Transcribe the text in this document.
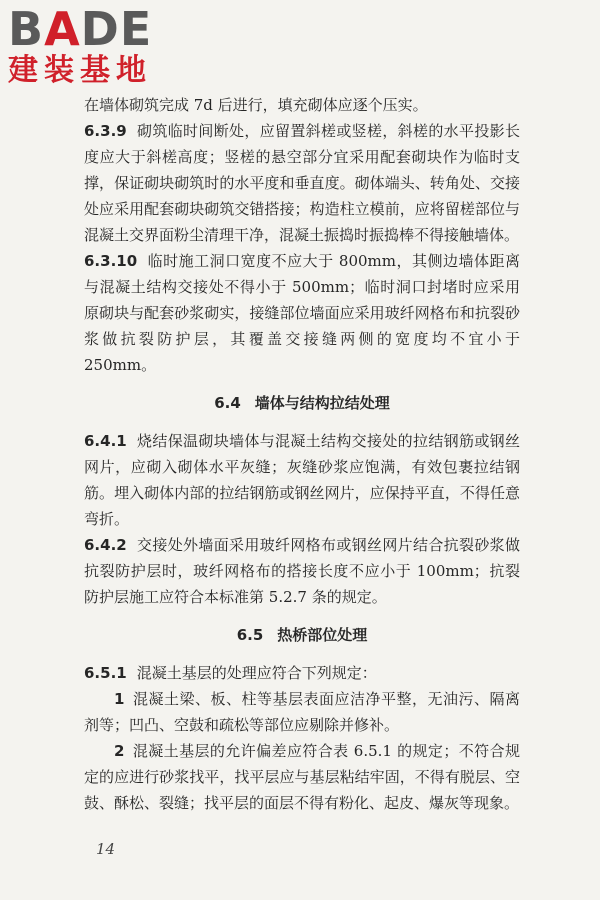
BADE
建装基地

在墙体砌筑完成 7d 后进行，填充砌体应逐个压实。

6.3.9 砌筑临时间断处，应留置斜槎或竖槎，斜槎的水平投影长度应大于斜槎高度；竖槎的悬空部分宜采用配套砌块作为临时支撑，保证砌块砌筑时的水平度和垂直度。砌体端头、转角处、交接处应采用配套砌块砌筑交错搭接；构造柱立模前，应将留槎部位与混凝土交界面粉尘清理干净，混凝土振捣时振捣棒不得接触墙体。

6.3.10 临时施工洞口宽度不应大于 800mm，其侧边墙体距离与混凝土结构交接处不得小于 500mm；临时洞口封堵时应采用原砌块与配套砂浆砌实，接缝部位墙面应采用玻纤网格布和抗裂砂浆做抗裂防护层，其覆盖交接缝两侧的宽度均不宜小于 250mm。

6.4 墙体与结构拉结处理

6.4.1 烧结保温砌块墙体与混凝土结构交接处的拉结钢筋或钢丝网片，应砌入砌体水平灰缝；灰缝砂浆应饱满，有效包裹拉结钢筋。埋入砌体内部的拉结钢筋或钢丝网片，应保持平直，不得任意弯折。

6.4.2 交接处外墙面采用玻纤网格布或钢丝网片结合抗裂砂浆做抗裂防护层时，玻纤网格布的搭接长度不应小于 100mm；抗裂防护层施工应符合本标准第 5.2.7 条的规定。

6.5 热桥部位处理

6.5.1 混凝土基层的处理应符合下列规定：

1 混凝土梁、板、柱等基层表面应洁净平整，无油污、隔离剂等；凹凸、空鼓和疏松等部位应剔除并修补。

2 混凝土基层的允许偏差应符合表 6.5.1 的规定；不符合规定的应进行砂浆找平，找平层应与基层粘结牢固，不得有脱层、空鼓、酥松、裂缝；找平层的面层不得有粉化、起皮、爆灰等现象。

14
